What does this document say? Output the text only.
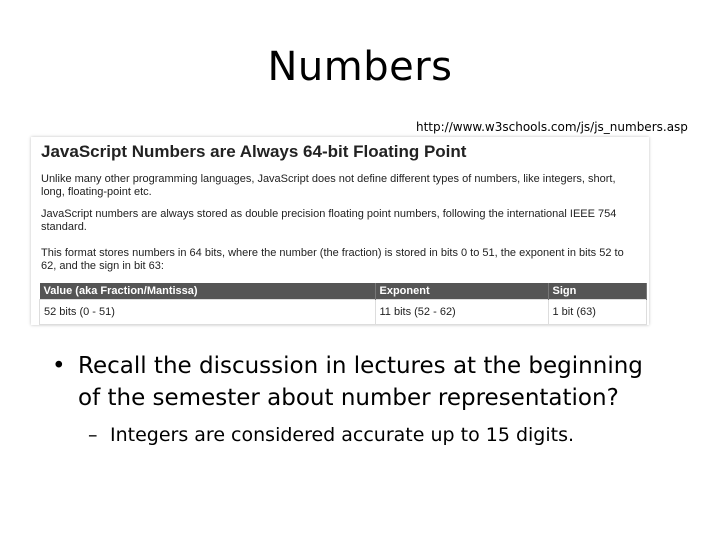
Numbers
http://www.w3schools.com/js/js_numbers.asp
JavaScript Numbers are Always 64-bit Floating Point
Unlike many other programming languages, JavaScript does not define different types of numbers, like integers, short, long, floating-point etc.
JavaScript numbers are always stored as double precision floating point numbers, following the international IEEE 754 standard.
This format stores numbers in 64 bits, where the number (the fraction) is stored in bits 0 to 51, the exponent in bits 52 to 62, and the sign in bit 63:
Value (aka Fraction/Mantissa)	Exponent	Sign
52 bits (0 - 51)	11 bits (52 - 62)	1 bit (63)
• Recall the discussion in lectures at the beginning of the semester about number representation?
– Integers are considered accurate up to 15 digits.
